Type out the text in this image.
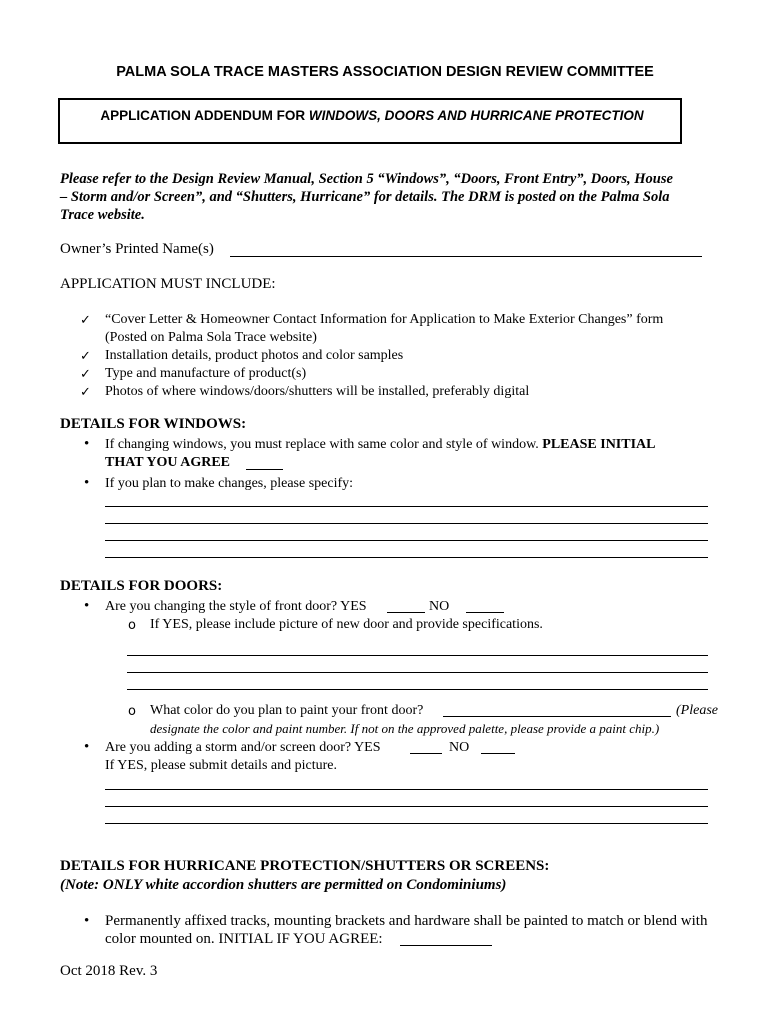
PALMA SOLA TRACE MASTERS ASSOCIATION DESIGN REVIEW COMMITTEE
APPLICATION ADDENDUM FOR WINDOWS, DOORS AND HURRICANE PROTECTION
Please refer to the Design Review Manual, Section 5 “Windows”, “Doors, Front Entry”, Doors, House
– Storm and/or Screen”, and “Shutters, Hurricane” for details. The DRM is posted on the Palma Sola
Trace website.
Owner’s Printed Name(s)
APPLICATION MUST INCLUDE:
✓ “Cover Letter & Homeowner Contact Information for Application to Make Exterior Changes” form
(Posted on Palma Sola Trace website)
✓ Installation details, product photos and color samples
✓ Type and manufacture of product(s)
✓ Photos of where windows/doors/shutters will be installed, preferably digital
DETAILS FOR WINDOWS:
• If changing windows, you must replace with same color and style of window. PLEASE INITIAL
THAT YOU AGREE
• If you plan to make changes, please specify:
DETAILS FOR DOORS:
• Are you changing the style of front door? YES	NO
o If YES, please include picture of new door and provide specifications.
o What color do you plan to paint your front door?	(Please
designate the color and paint number. If not on the approved palette, please provide a paint chip.)
• Are you adding a storm and/or screen door? YES	NO
If YES, please submit details and picture.
DETAILS FOR HURRICANE PROTECTION/SHUTTERS OR SCREENS:
(Note: ONLY white accordion shutters are permitted on Condominiums)
• Permanently affixed tracks, mounting brackets and hardware shall be painted to match or blend with
color mounted on. INITIAL IF YOU AGREE:
Oct 2018 Rev. 3
